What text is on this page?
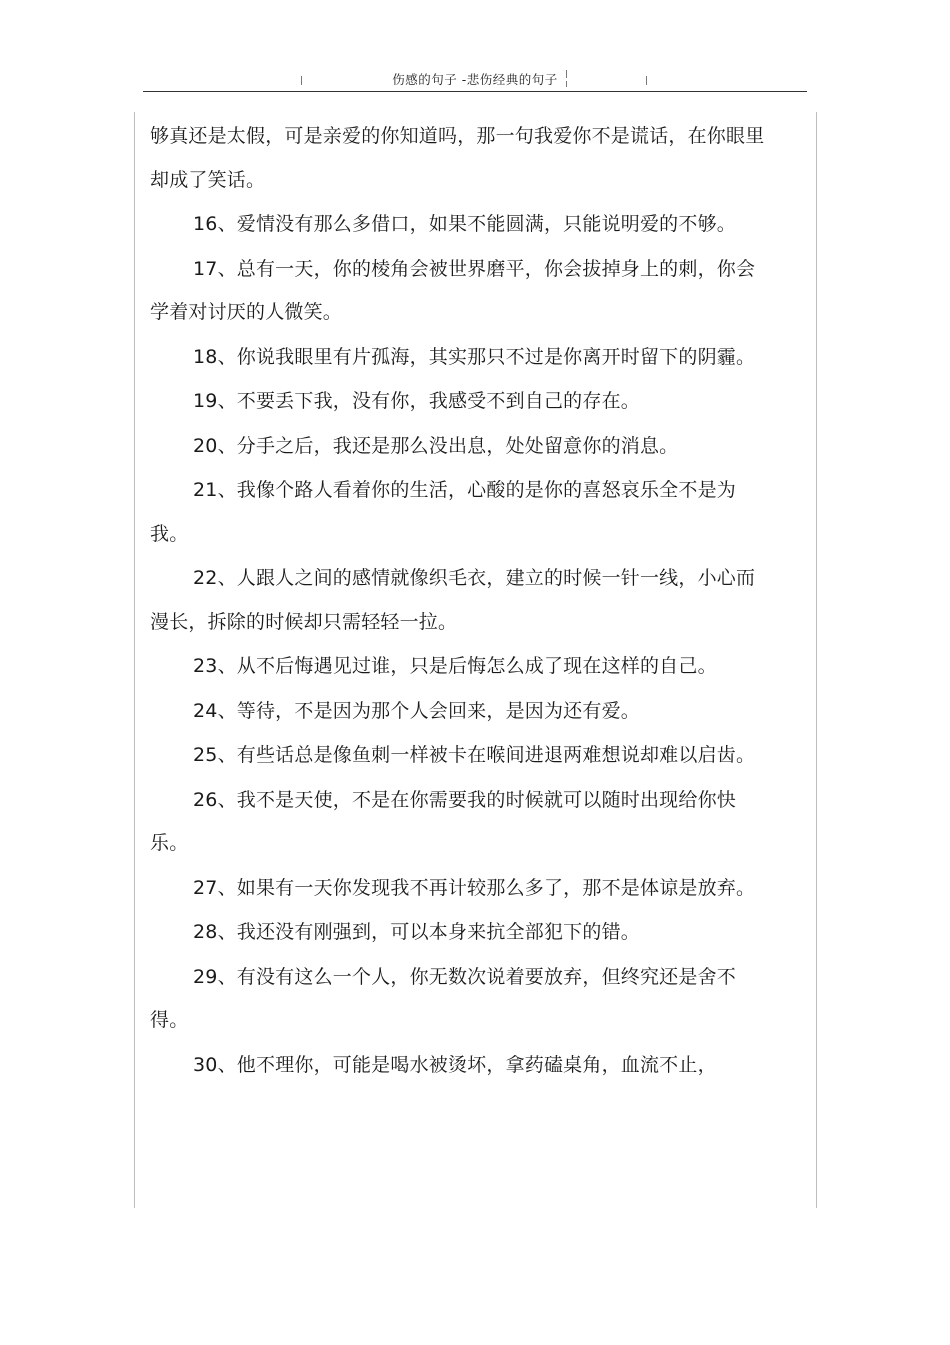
伤感的句子 -悲伤经典的句子

够真还是太假，可是亲爱的你知道吗，那一句我爱你不是谎话，在你眼里却成了笑话。

16、爱情没有那么多借口，如果不能圆满，只能说明爱的不够。

17、总有一天，你的棱角会被世界磨平，你会拔掉身上的刺，你会学着对讨厌的人微笑。

18、你说我眼里有片孤海，其实那只不过是你离开时留下的阴霾。

19、不要丢下我，没有你，我感受不到自己的存在。

20、分手之后，我还是那么没出息，处处留意你的消息。

21、我像个路人看着你的生活，心酸的是你的喜怒哀乐全不是为我。

22、人跟人之间的感情就像织毛衣，建立的时候一针一线，小心而漫长，拆除的时候却只需轻轻一拉。

23、从不后悔遇见过谁，只是后悔怎么成了现在这样的自己。

24、等待，不是因为那个人会回来，是因为还有爱。

25、有些话总是像鱼刺一样被卡在喉间进退两难想说却难以启齿。

26、我不是天使，不是在你需要我的时候就可以随时出现给你快乐。

27、如果有一天你发现我不再计较那么多了，那不是体谅是放弃。

28、我还没有刚强到，可以本身来抗全部犯下的错。

29、有没有这么一个人，你无数次说着要放弃，但终究还是舍不得。

30、他不理你，可能是喝水被烫坏，拿药磕桌角，血流不止，
